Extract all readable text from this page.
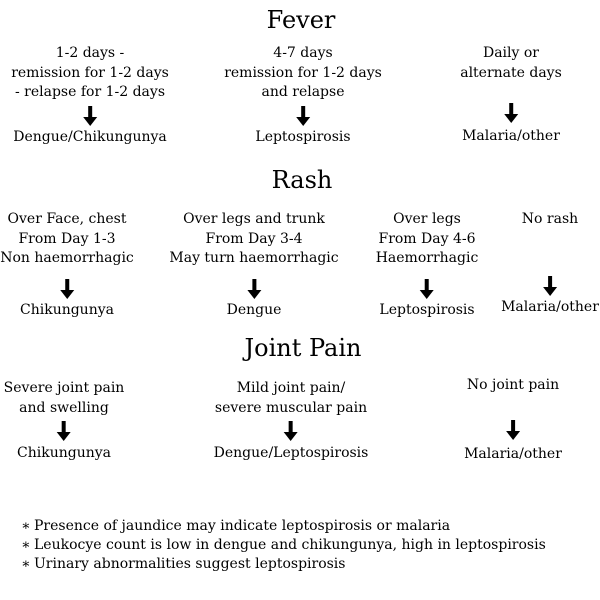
Fever
1-2 days -
remission for 1-2 days
- relapse for 1-2 days
Dengue/Chikungunya
4-7 days
remission for 1-2 days
and relapse
Leptospirosis
Daily or
alternate days
Malaria/other
Rash
Over Face, chest
From Day 1-3
Non haemorrhagic
Chikungunya
Over legs and trunk
From Day 3-4
May turn haemorrhagic
Dengue
Over legs
From Day 4-6
Haemorrhagic
Leptospirosis
No rash
Malaria/other
Joint Pain
Severe joint pain
and swelling
Chikungunya
Mild joint pain/
severe muscular pain
Dengue/Leptospirosis
No joint pain
Malaria/other
∗ Presence of jaundice may indicate leptospirosis or malaria
∗ Leukocye count is low in dengue and chikungunya, high in leptospirosis
∗ Urinary abnormalities suggest leptospirosis
